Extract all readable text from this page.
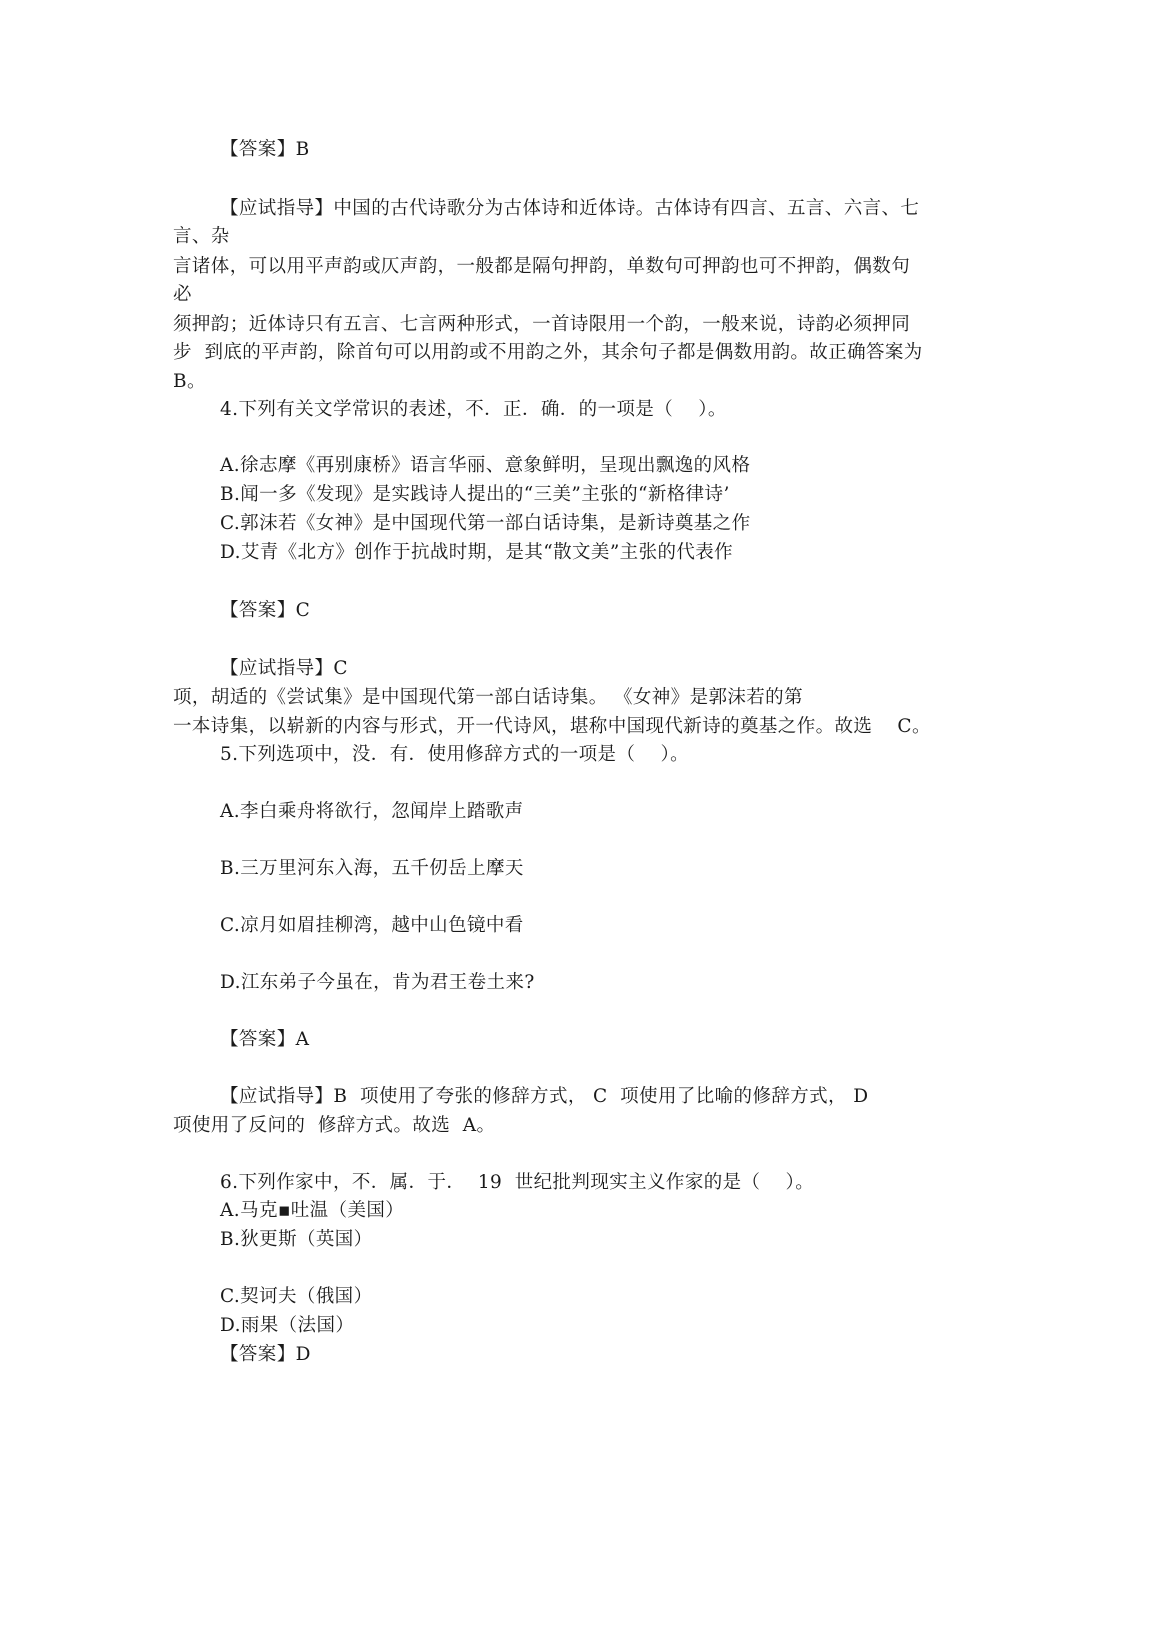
【答案】B
【应试指导】中国的古代诗歌分为古体诗和近体诗。古体诗有四言、五言、六言、七
言、杂
言诸体，可以用平声韵或仄声韵，一般都是隔句押韵，单数句可押韵也可不押韵，偶数句
必
须押韵；近体诗只有五言、七言两种形式，一首诗限用一个韵，一般来说，诗韵必须押同
步  到底的平声韵，除首句可以用韵或不用韵之外，其余句子都是偶数用韵。故正确答案为
B。
4.下列有关文学常识的表述，不．正．确．的一项是（    ）。
A.徐志摩《再别康桥》语言华丽、意象鲜明，呈现出飘逸的风格
B.闻一多《发现》是实践诗人提出的“三美”主张的“新格律诗’
C.郭沫若《女神》是中国现代第一部白话诗集，是新诗奠基之作
D.艾青《北方》创作于抗战时期，是其“散文美”主张的代表作
【答案】C
【应试指导】C
项，胡适的《尝试集》是中国现代第一部白话诗集。 《女神》是郭沫若的第
一本诗集，以崭新的内容与形式，开一代诗风，堪称中国现代新诗的奠基之作。故选    C。
5.下列选项中，没．有．使用修辞方式的一项是（    ）。
A.李白乘舟将欲行，忽闻岸上踏歌声
B.三万里河东入海，五千仞岳上摩天
C.凉月如眉挂柳湾，越中山色镜中看
D.江东弟子今虽在，肯为君王卷土来?
【答案】A
【应试指导】B  项使用了夸张的修辞方式， C  项使用了比喻的修辞方式， D
项使用了反问的  修辞方式。故选  A。
6.下列作家中，不．属．于．  19  世纪批判现实主义作家的是（    ）。
A.马克▪吐温（美国）
B.狄更斯（英国）
C.契诃夫（俄国）
D.雨果（法国）
【答案】D
